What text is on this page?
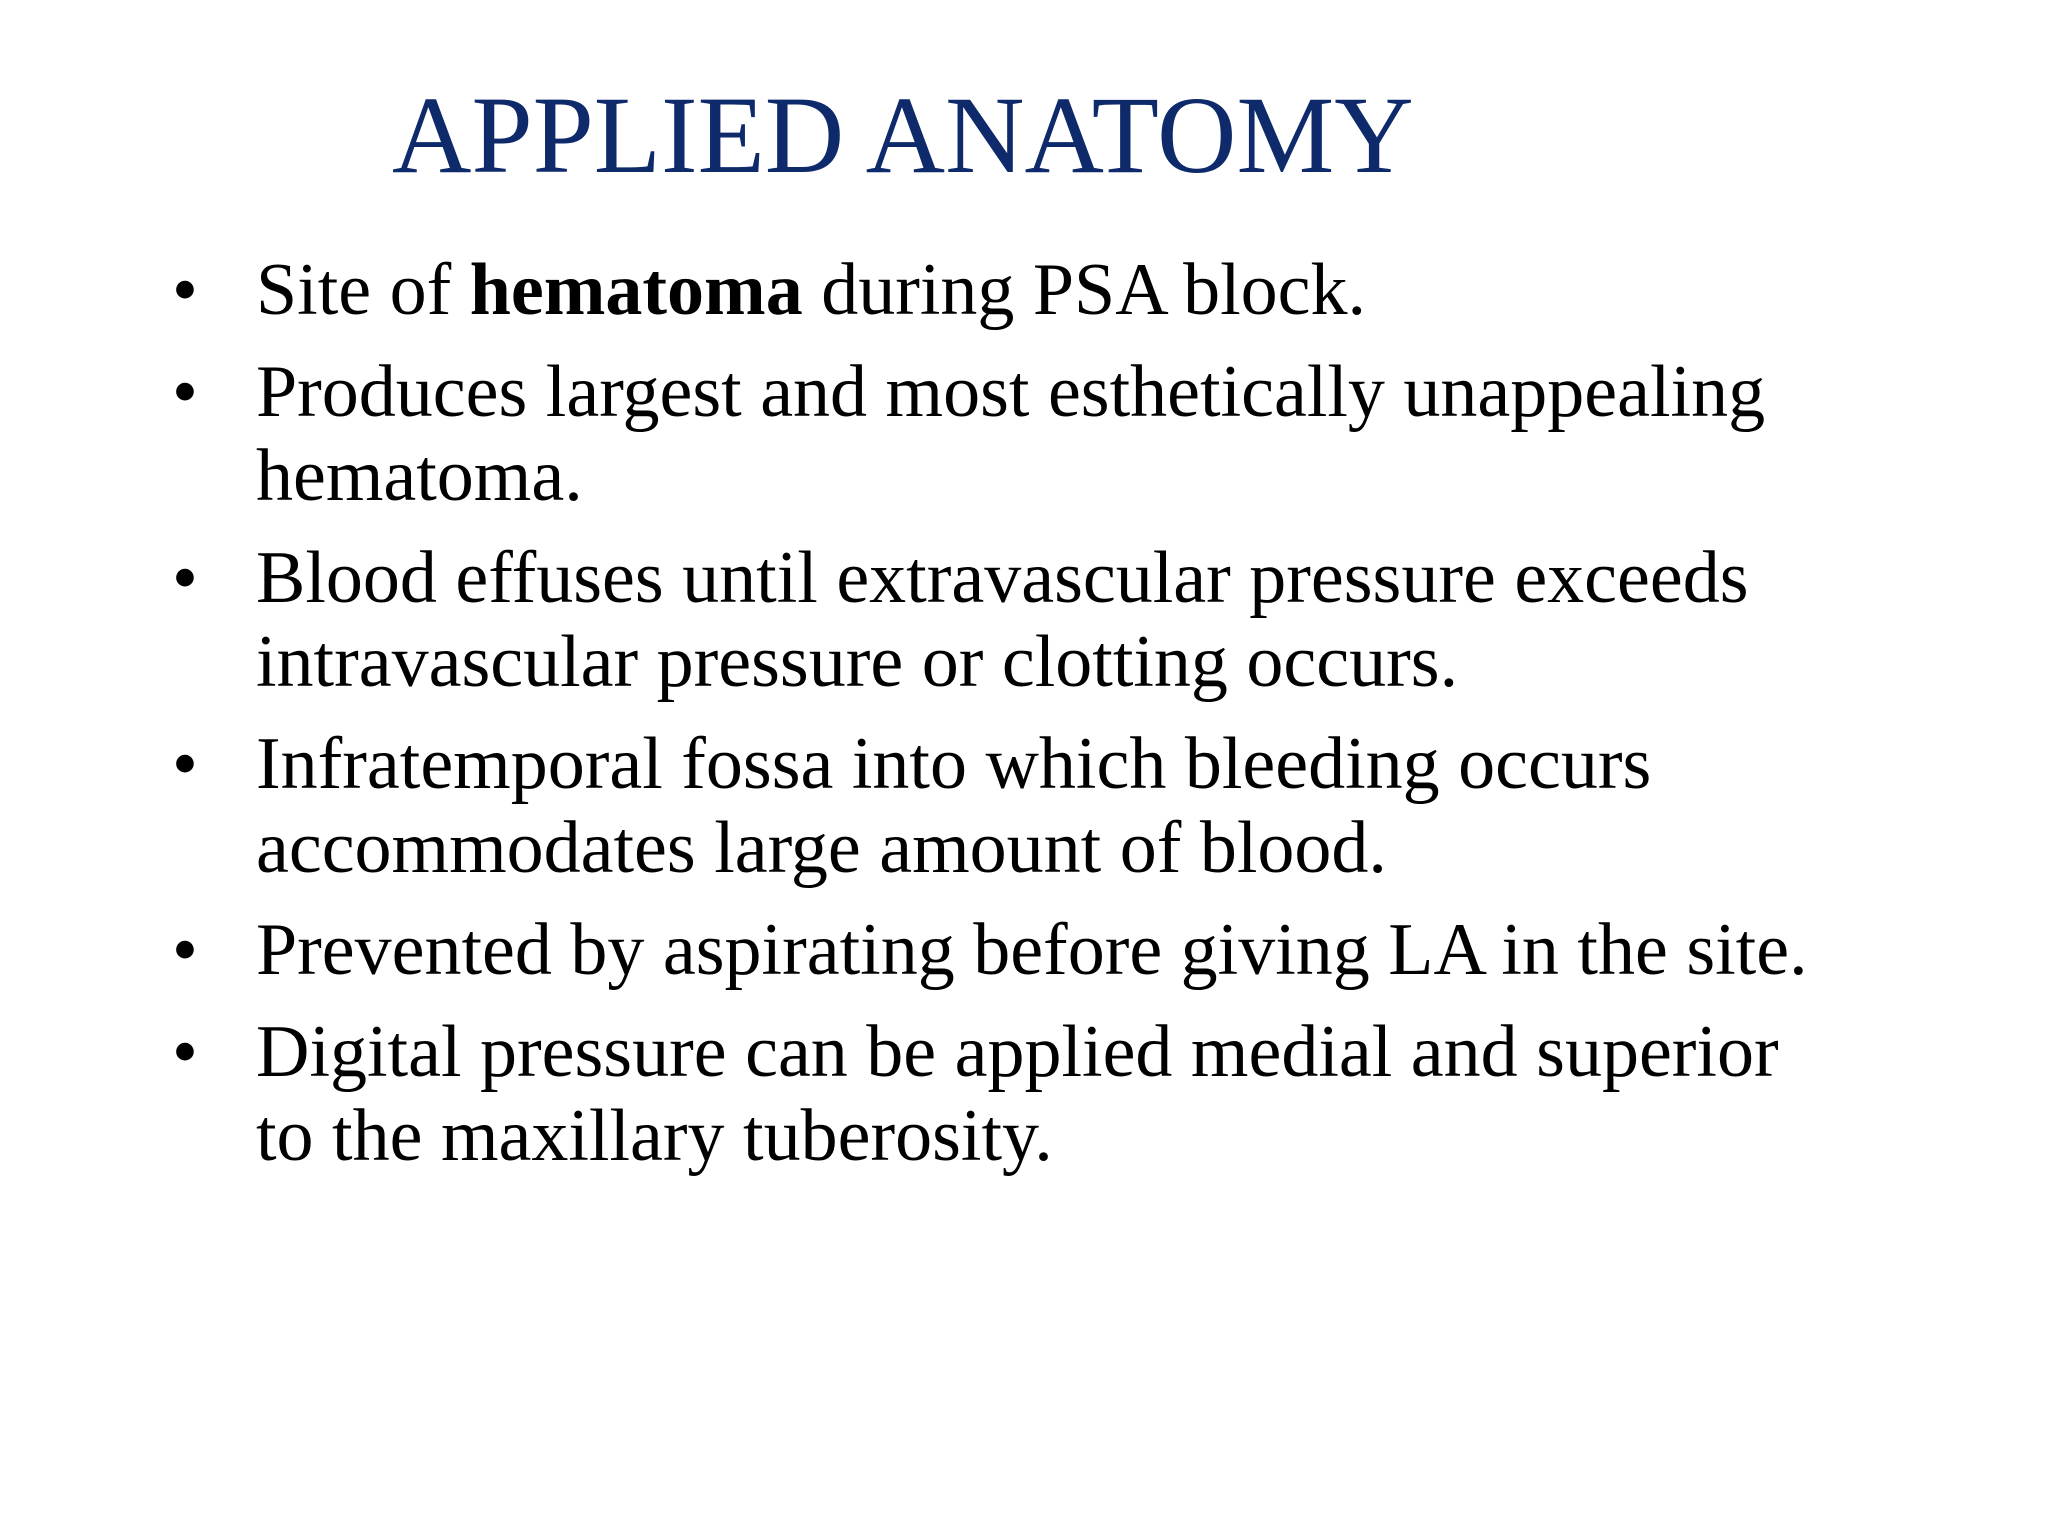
APPLIED ANATOMY
• Site of hematoma during PSA block.
• Produces largest and most esthetically unappealing hematoma.
• Blood effuses until extravascular pressure exceeds intravascular pressure or clotting occurs.
• Infratemporal fossa into which bleeding occurs accommodates large amount of blood.
• Prevented by aspirating before giving LA in the site.
• Digital pressure can be applied medial and superior to the maxillary tuberosity.
